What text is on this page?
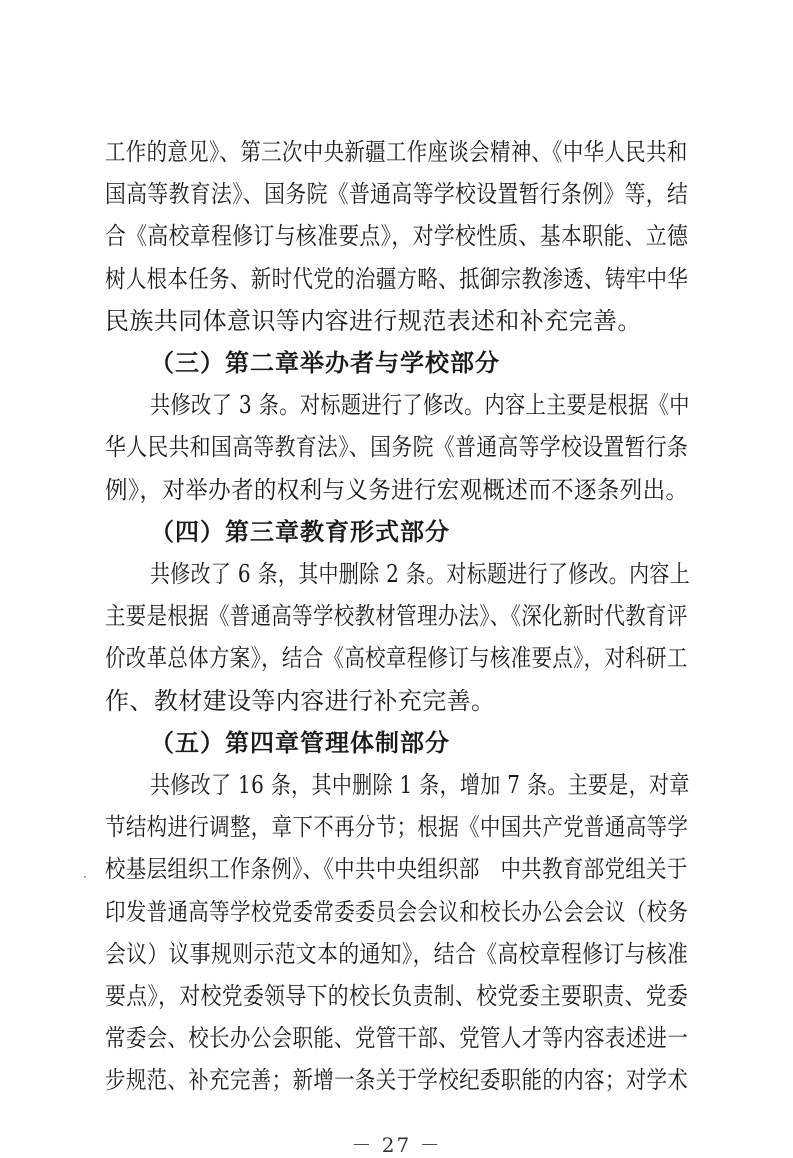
工作的意见》、第三次中央新疆工作座谈会精神、《中华人民共和
国高等教育法》、国务院《普通高等学校设置暂行条例》等，结
合《高校章程修订与核准要点》，对学校性质、基本职能、立德
树人根本任务、新时代党的治疆方略、抵御宗教渗透、铸牢中华
民族共同体意识等内容进行规范表述和补充完善。
（三）第二章举办者与学校部分
共修改了 3 条。对标题进行了修改。内容上主要是根据《中
华人民共和国高等教育法》、国务院《普通高等学校设置暂行条
例》，对举办者的权利与义务进行宏观概述而不逐条列出。
（四）第三章教育形式部分
共修改了 6 条，其中删除 2 条。对标题进行了修改。内容上
主要是根据《普通高等学校教材管理办法》、《深化新时代教育评
价改革总体方案》，结合《高校章程修订与核准要点》，对科研工
作、教材建设等内容进行补充完善。
（五）第四章管理体制部分
共修改了 16 条，其中删除 1 条，增加 7 条。主要是，对章
节结构进行调整，章下不再分节；根据《中国共产党普通高等学
校基层组织工作条例》、《中共中央组织部　中共教育部党组关于
印发普通高等学校党委常委委员会会议和校长办公会会议（校务
会议）议事规则示范文本的通知》，结合《高校章程修订与核准
要点》，对校党委领导下的校长负责制、校党委主要职责、党委
常委会、校长办公会职能、党管干部、党管人才等内容表述进一
步规范、补充完善；新增一条关于学校纪委职能的内容；对学术
－ 27 －
